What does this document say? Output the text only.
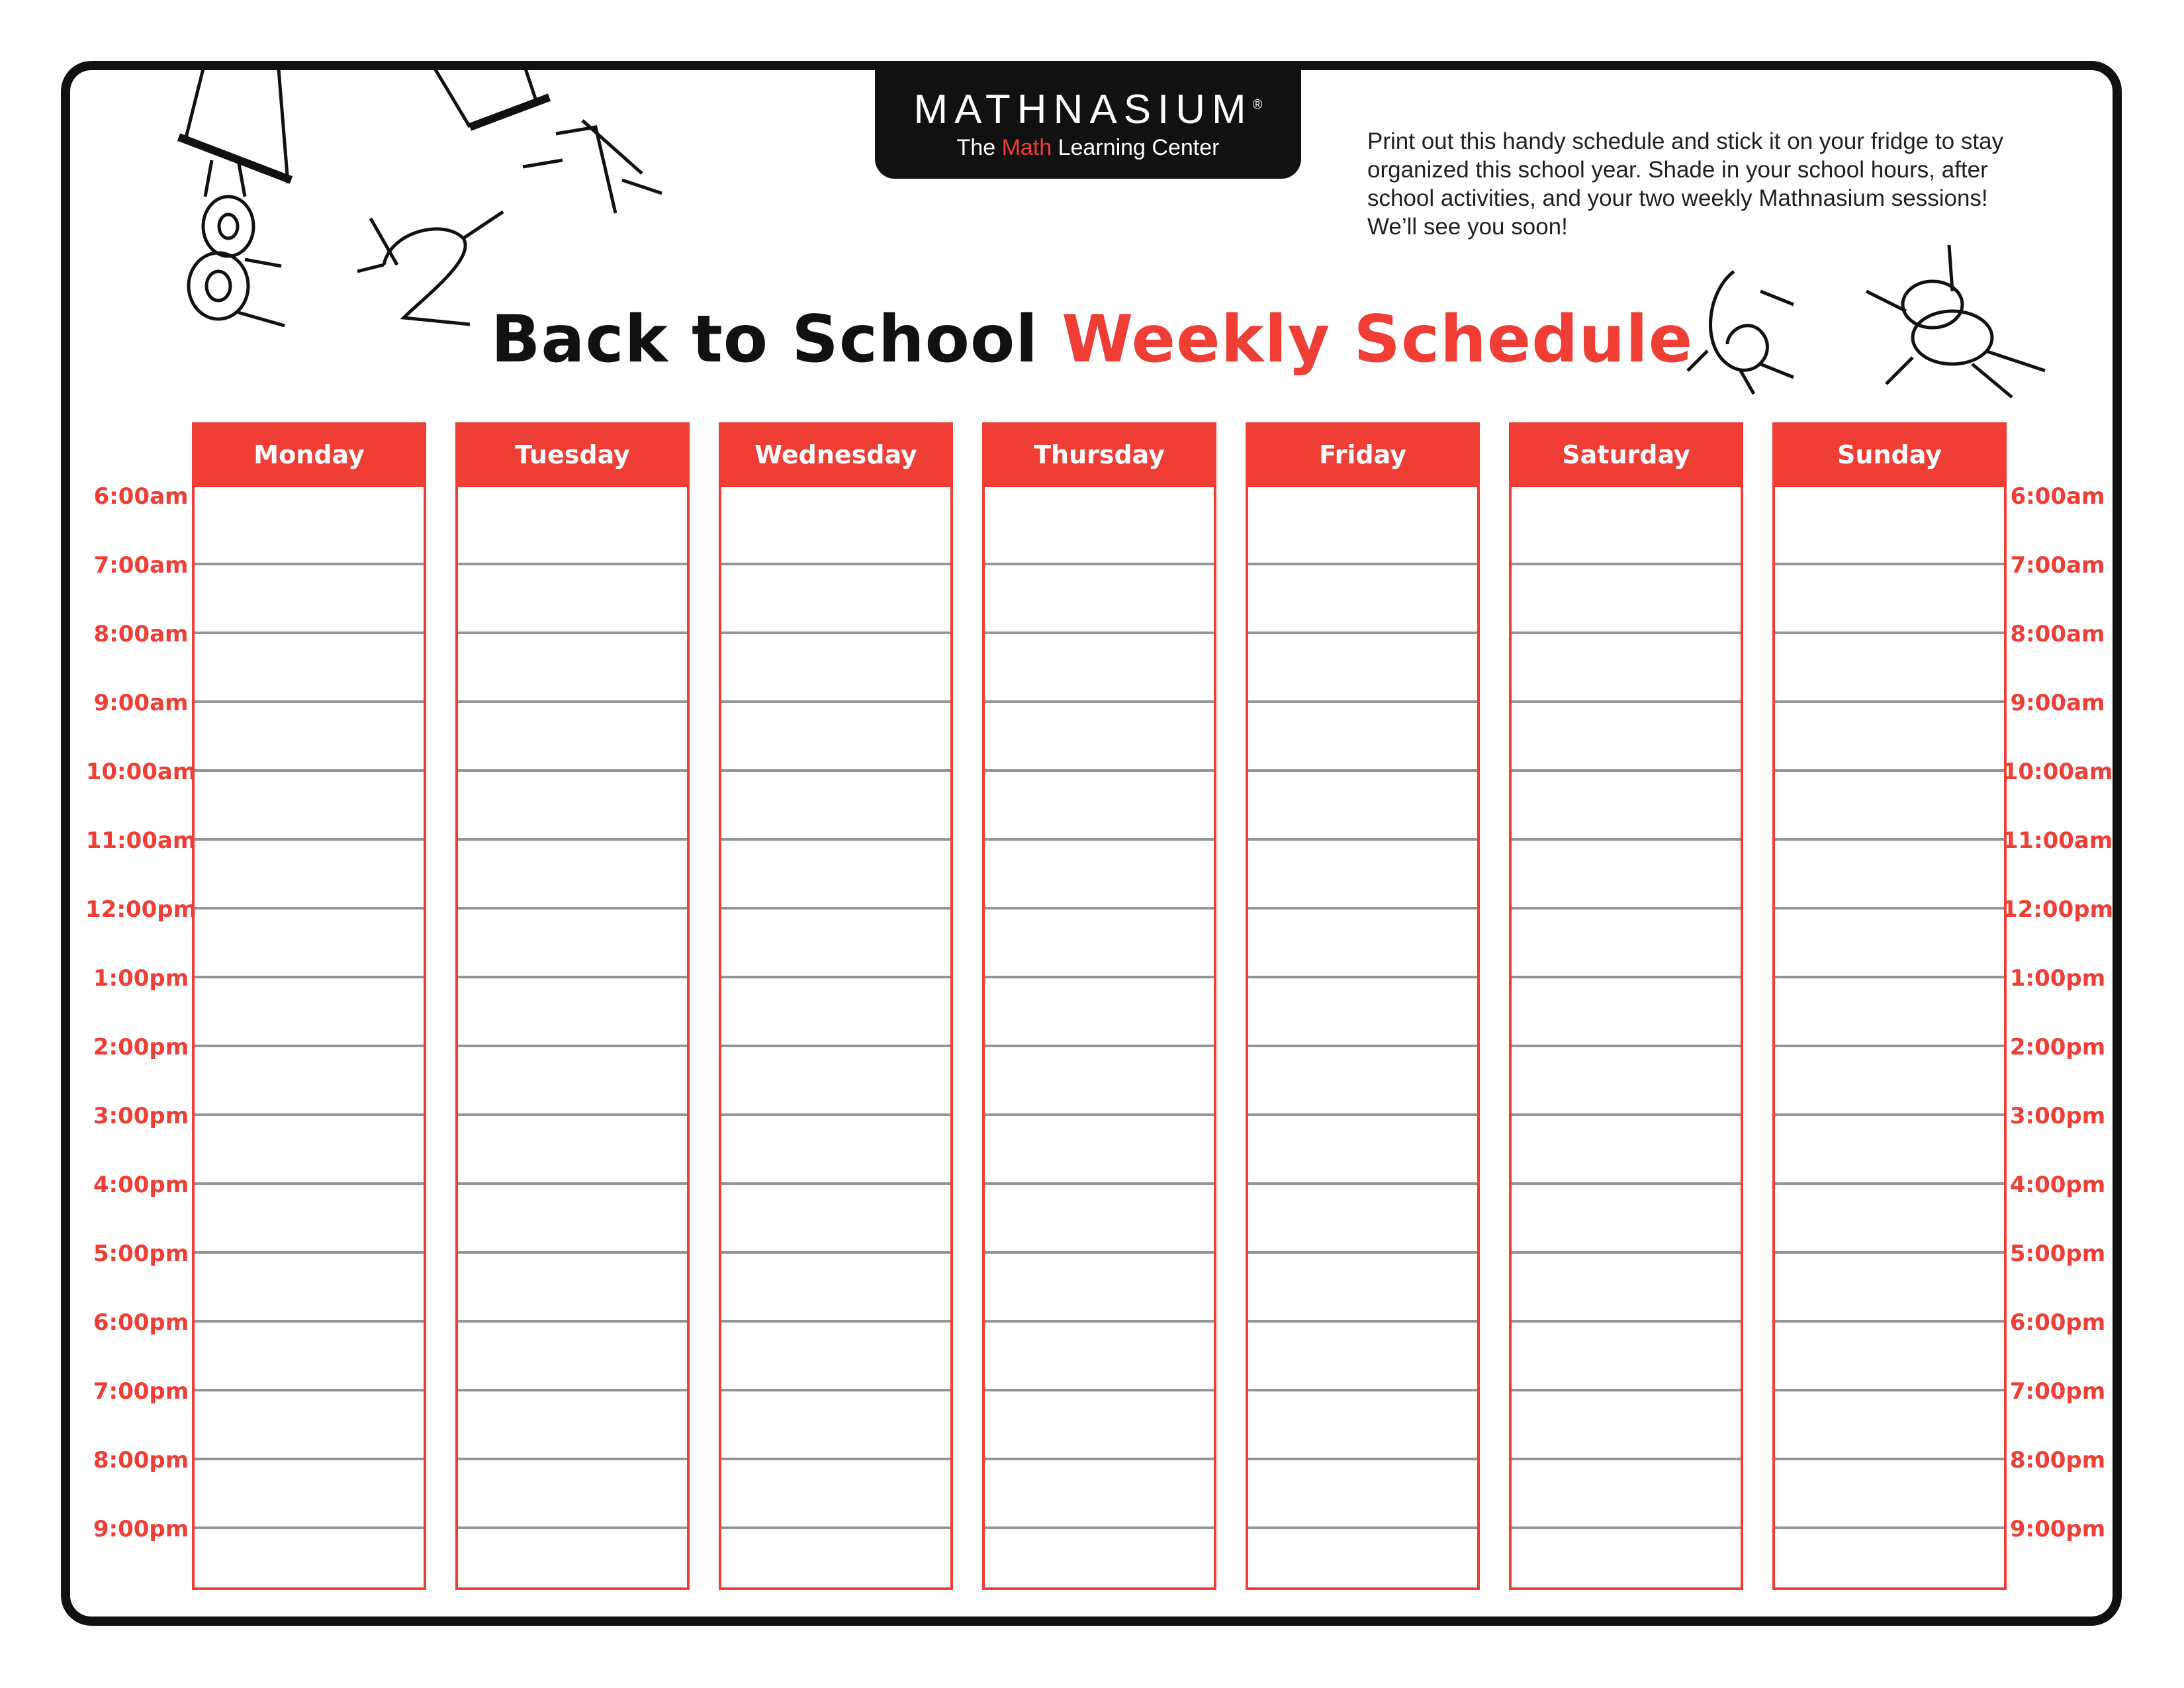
MATHNASIUM®
The Math Learning Center	Print out this handy schedule and stick it on your fridge to stay

organized this school year. Shade in your school hours, after

school activities, and your two weekly Mathnasium sessions!

We’ll see you soon!

Back to School Weekly Schedule
Monday	Tuesday	Wednesday	Thursday	Friday	Saturday	Sunday
6:00am	6:00am
7:00am	7:00am
8:00am	8:00am
9:00am	9:00am
10:00am	10:00am
11:00am	11:00am
12:00pm	12:00pm
1:00pm	1:00pm
2:00pm	2:00pm
3:00pm	3:00pm
4:00pm	4:00pm
5:00pm	5:00pm
6:00pm	6:00pm
7:00pm	7:00pm
8:00pm	8:00pm
9:00pm	9:00pm
